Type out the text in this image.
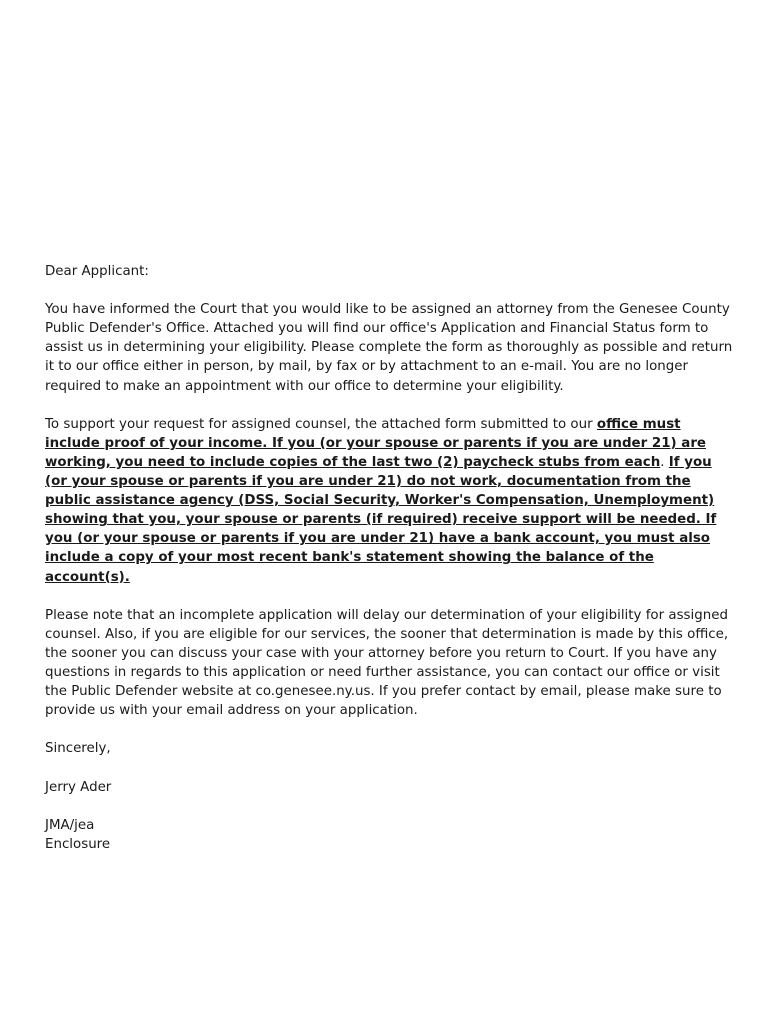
Dear Applicant:

You have informed the Court that you would like to be assigned an attorney from the Genesee County Public Defender's Office. Attached you will find our office's Application and Financial Status form to assist us in determining your eligibility. Please complete the form as thoroughly as possible and return it to our office either in person, by mail, by fax or by attachment to an e-mail. You are no longer required to make an appointment with our office to determine your eligibility.

To support your request for assigned counsel, the attached form submitted to our office must include proof of your income. If you (or your spouse or parents if you are under 21) are working, you need to include copies of the last two (2) paycheck stubs from each. If you (or your spouse or parents if you are under 21) do not work, documentation from the public assistance agency (DSS, Social Security, Worker's Compensation, Unemployment) showing that you, your spouse or parents (if required) receive support will be needed. If you (or your spouse or parents if you are under 21) have a bank account, you must also include a copy of your most recent bank's statement showing the balance of the account(s).

Please note that an incomplete application will delay our determination of your eligibility for assigned counsel. Also, if you are eligible for our services, the sooner that determination is made by this office, the sooner you can discuss your case with your attorney before you return to Court. If you have any questions in regards to this application or need further assistance, you can contact our office or visit the Public Defender website at co.genesee.ny.us. If you prefer contact by email, please make sure to provide us with your email address on your application.

Sincerely,

Jerry Ader

JMA/jea
Enclosure
